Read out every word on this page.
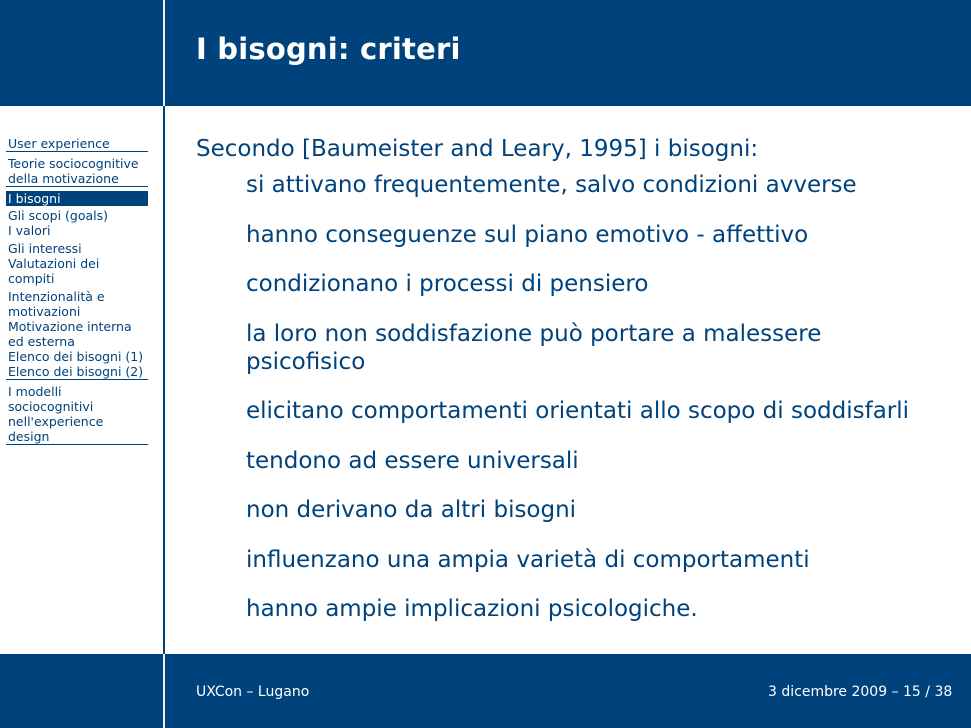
I bisogni: criteri
User experience
Teorie sociocognitive della motivazione
I bisogni
Gli scopi (goals)
I valori
Gli interessi
Valutazioni dei compiti
Intenzionalità e motivazioni
Motivazione interna ed esterna
Elenco dei bisogni (1)
Elenco dei bisogni (2)
I modelli sociocognitivi nell'experience design

Secondo [Baumeister and Leary, 1995] i bisogni:

si attivano frequentemente, salvo condizioni avverse
hanno conseguenze sul piano emotivo - affettivo
condizionano i processi di pensiero
la loro non soddisfazione può portare a malessere psicofisico
elicitano comportamenti orientati allo scopo di soddisfarli
tendono ad essere universali
non derivano da altri bisogni
influenzano una ampia varietà di comportamenti
hanno ampie implicazioni psicologiche.
UXCon – Lugano	3 dicembre 2009 – 15 / 38
